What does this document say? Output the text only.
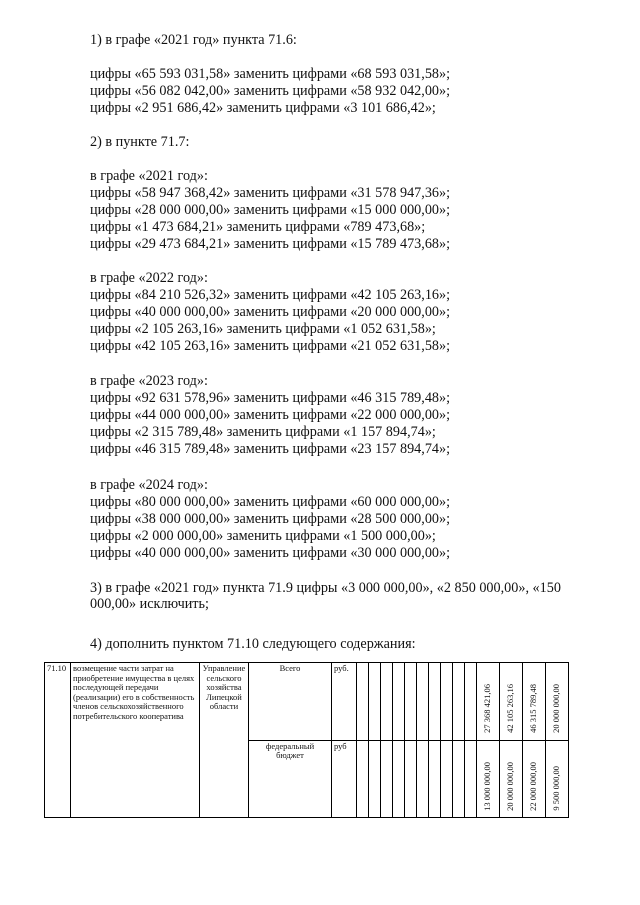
1) в графе «2021 год» пункта 71.6:
цифры «65 593 031,58» заменить цифрами «68 593 031,58»;
цифры «56 082 042,00» заменить цифрами «58 932 042,00»;
цифры «2 951 686,42» заменить цифрами «3 101 686,42»;
2) в пункте 71.7:
в графе «2021 год»:
цифры «58 947 368,42» заменить цифрами «31 578 947,36»;
цифры «28 000 000,00» заменить цифрами «15 000 000,00»;
цифры «1 473 684,21» заменить цифрами «789 473,68»;
цифры «29 473 684,21» заменить цифрами «15 789 473,68»;
в графе «2022 год»:
цифры «84 210 526,32» заменить цифрами «42 105 263,16»;
цифры «40 000 000,00» заменить цифрами «20 000 000,00»;
цифры «2 105 263,16» заменить цифрами «1 052 631,58»;
цифры «42 105 263,16» заменить цифрами «21 052 631,58»;
в графе «2023 год»:
цифры «92 631 578,96» заменить цифрами «46 315 789,48»;
цифры «44 000 000,00» заменить цифрами «22 000 000,00»;
цифры «2 315 789,48» заменить цифрами «1 157 894,74»;
цифры «46 315 789,48» заменить цифрами «23 157 894,74»;
в графе «2024 год»:
цифры «80 000 000,00» заменить цифрами «60 000 000,00»;
цифры «38 000 000,00» заменить цифрами «28 500 000,00»;
цифры «2 000 000,00» заменить цифрами «1 500 000,00»;
цифры «40 000 000,00» заменить цифрами «30 000 000,00»;
3) в графе «2021 год» пункта 71.9 цифры «3 000 000,00», «2 850 000,00», «150 000,00» исключить;
4) дополнить пунктом 71.10 следующего содержания:
71.10	возмещение части затрат на приобретение имущества в целях последующей передачи (реализации) его в собственность членов сельскохозяйственного потребительского кооператива	Управление сельского хозяйства Липецкой области	Всего	руб.											27 368 421,06	42 105 263,16	46 315 789,48	20 000 000,00
			федеральный бюджет	руб											13 000 000,00	20 000 000,00	22 000 000,00	9 500 000,00
